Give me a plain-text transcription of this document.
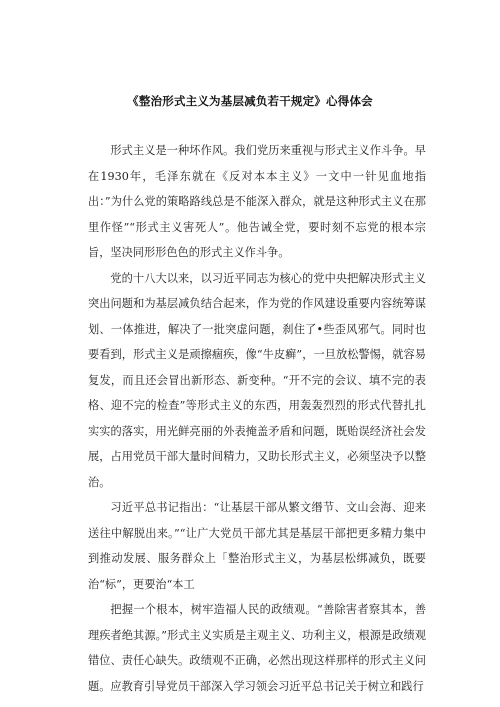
《整治形式主义为基层减负若干规定》心得体会

形式主义是一种坏作风。我们党历来重视与形式主义作斗争。早在1930年，毛泽东就在《反对本本主义》一文中一针见血地指出：”为什么党的策略路线总是不能深入群众，就是这种形式主义在那里作怪”“形式主义害死人”。他告诫全党，要时刻不忘党的根本宗旨，坚决同形形色色的形式主义作斗争。

党的十八大以来，以习近平同志为核心的党中央把解决形式主义突出问题和为基层减负结合起来，作为党的作风建设重要内容统筹谋划、一体推进，解决了一批突虚问题，刹住了•些歪风邪气。同时也要看到，形式主义是顽擦痼疾，像“牛皮癣”，一旦放松警惕，就容易复发，而且还会冒出新形态、新变种。“开不完的会议、填不完的表格、迎不完的检查”等形式主义的东西，用轰轰烈烈的形式代替扎扎实实的落实，用光鲜亮丽的外表掩盖矛盾和问题，既贻误经济社会发展，占用党员干部大量时间精力，又助长形式主义，必须坚决予以整治。

习近平总书记指出：“让基层干部从繁文缗节、文山会海、迎来送往中解脱出来。”“让广大党员干部尤其是基层干部把更多精力集中到推动发展、服务群众上「整治形式主义，为基层松绑减负，既要治“标”，更要治“本工

把握一个根本，树牢造福人民的政绩观。“善除害者察其本，善理疾者绝其源。”形式主义实质是主观主义、功利主义，根源是政绩观错位、责任心缺失。政绩观不正确，必然出现这样那样的形式主义问题。应教育引导党员干部深入学习领会习近平总书记关于树立和践行
